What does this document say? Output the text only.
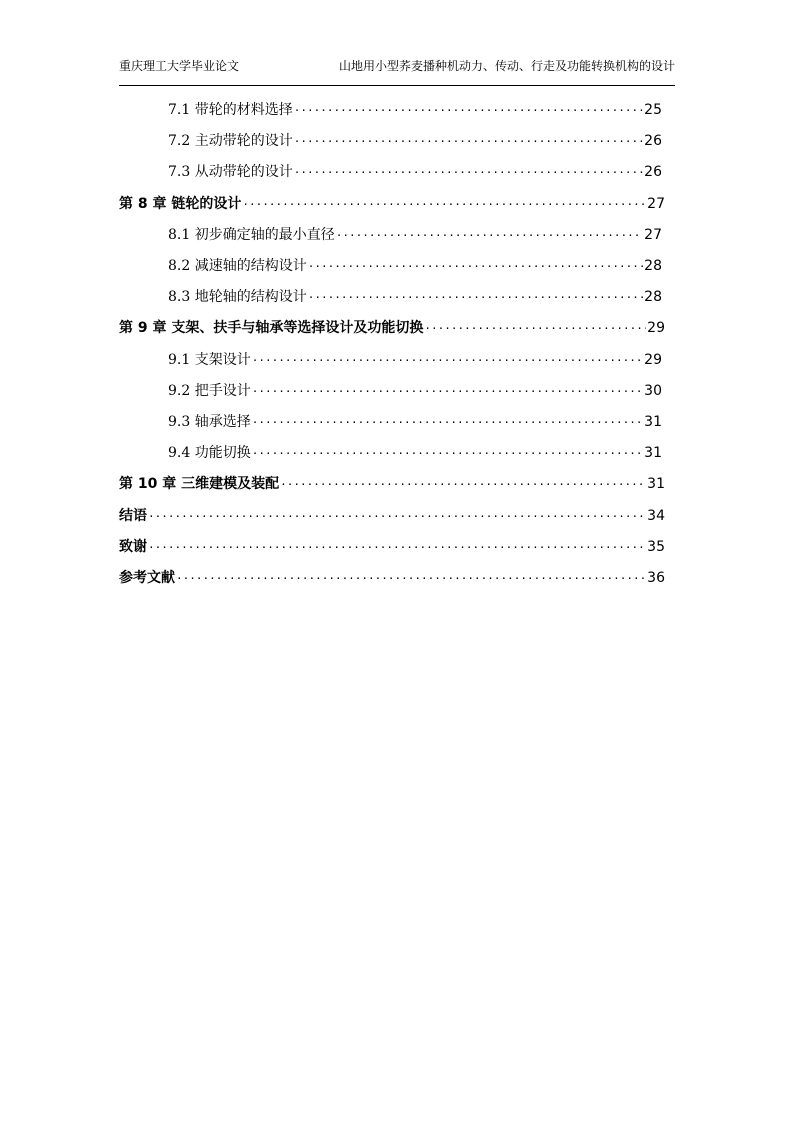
重庆理工大学毕业论文	山地用小型荞麦播种机动力、传动、行走及功能转换机构的设计
7.1 带轮的材料选择 ·····	25
7.2 主动带轮的设计 ·····	26
7.3 从动带轮的设计 ·····	26
第 8 章 链轮的设计 ·····	27
8.1 初步确定轴的最小直径 ·····	27
8.2 减速轴的结构设计 ·····	28
8.3 地轮轴的结构设计 ·····	28
第 9 章 支架、扶手与轴承等选择设计及功能切换 ·····	29
9.1 支架设计 ·····	29
9.2 把手设计 ·····	30
9.3 轴承选择 ·····	31
9.4 功能切换 ·····	31
第 10 章 三维建模及装配 ·····	31
结语 ·····	34
致谢 ·····	35
参考文献 ·····	36
